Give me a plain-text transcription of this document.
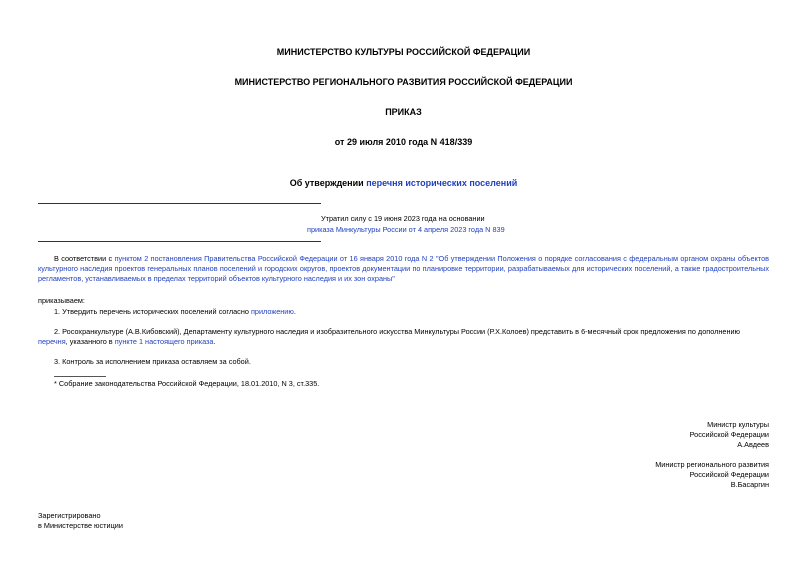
МИНИСТЕРСТВО КУЛЬТУРЫ РОССИЙСКОЙ ФЕДЕРАЦИИ
МИНИСТЕРСТВО РЕГИОНАЛЬНОГО РАЗВИТИЯ РОССИЙСКОЙ ФЕДЕРАЦИИ
ПРИКАЗ
от 29 июля 2010 года N 418/339
Об утверждении перечня исторических поселений
Утратил силу с 19 июня 2023 года на основании
приказа Минкультуры России от 4 апреля 2023 года N 839
В соответствии с пунктом 2 постановления Правительства Российской Федерации от 16 января 2010 года N 2 "Об утверждении Положения о порядке согласования с федеральным органом охраны объектов культурного наследия проектов генеральных планов поселений и городских округов, проектов документации по планировке территории, разрабатываемых для исторических поселений, а также градостроительных регламентов, устанавливаемых в пределах территорий объектов культурного наследия и их зон охраны"
приказываем:
1. Утвердить перечень исторических поселений согласно приложению.
2. Росохранкультуре (А.В.Кибовский), Департаменту культурного наследия и изобразительного искусства Минкультуры России (Р.Х.Колоев) представить в 6-месячный срок предложения по дополнению перечня, указанного в пункте 1 настоящего приказа.
3. Контроль за исполнением приказа оставляем за собой.
* Собрание законодательства Российской Федерации, 18.01.2010, N 3, ст.335.
Министр культуры
Российской Федерации
А.Авдеев
Министр регионального развития
Российской Федерации
В.Басаргин
Зарегистрировано
в Министерстве юстиции
